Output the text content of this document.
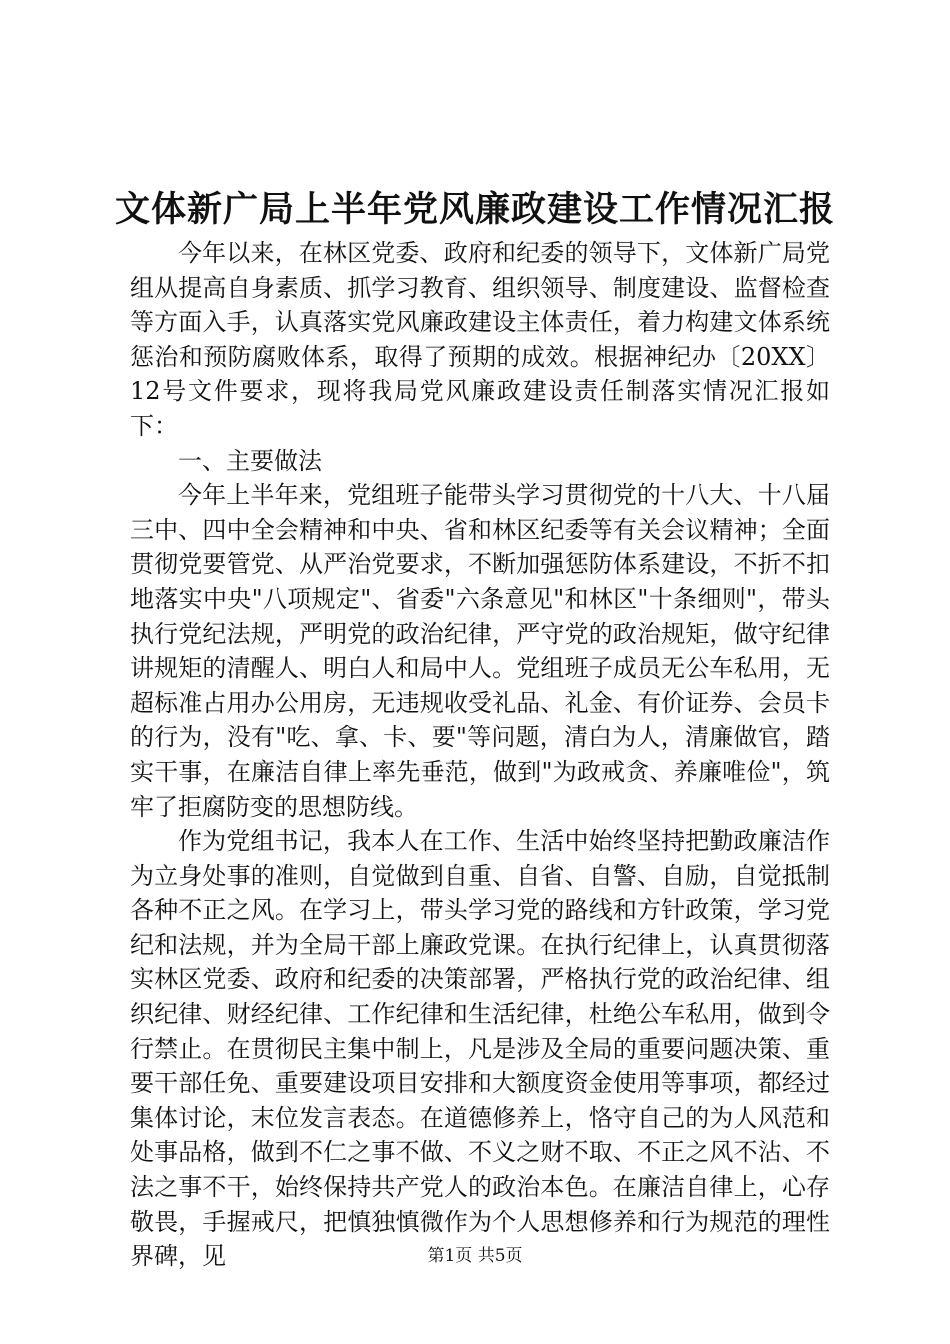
文体新广局上半年党风廉政建设工作情况汇报

今年以来，在林区党委、政府和纪委的领导下，文体新广局党组从提高自身素质、抓学习教育、组织领导、制度建设、监督检查等方面入手，认真落实党风廉政建设主体责任，着力构建文体系统惩治和预防腐败体系，取得了预期的成效。根据神纪办〔20XX〕12号文件要求，现将我局党风廉政建设责任制落实情况汇报如下：

一、主要做法

今年上半年来，党组班子能带头学习贯彻党的十八大、十八届三中、四中全会精神和中央、省和林区纪委等有关会议精神；全面贯彻党要管党、从严治党要求，不断加强惩防体系建设，不折不扣地落实中央"八项规定"、省委"六条意见"和林区"十条细则"，带头执行党纪法规，严明党的政治纪律，严守党的政治规矩，做守纪律讲规矩的清醒人、明白人和局中人。党组班子成员无公车私用，无超标准占用办公用房，无违规收受礼品、礼金、有价证券、会员卡的行为，没有"吃、拿、卡、要"等问题，清白为人，清廉做官，踏实干事，在廉洁自律上率先垂范，做到"为政戒贪、养廉唯俭"，筑牢了拒腐防变的思想防线。

作为党组书记，我本人在工作、生活中始终坚持把勤政廉洁作为立身处事的准则，自觉做到自重、自省、自警、自励，自觉抵制各种不正之风。在学习上，带头学习党的路线和方针政策，学习党纪和法规，并为全局干部上廉政党课。在执行纪律上，认真贯彻落实林区党委、政府和纪委的决策部署，严格执行党的政治纪律、组织纪律、财经纪律、工作纪律和生活纪律，杜绝公车私用，做到令行禁止。在贯彻民主集中制上，凡是涉及全局的重要问题决策、重要干部任免、重要建设项目安排和大额度资金使用等事项，都经过集体讨论，末位发言表态。在道德修养上，恪守自己的为人风范和处事品格，做到不仁之事不做、不义之财不取、不正之风不沾、不法之事不干，始终保持共产党人的政治本色。在廉洁自律上，心存敬畏，手握戒尺，把慎独慎微作为个人思想修养和行为规范的理性界碑，见	第1页 共5页
